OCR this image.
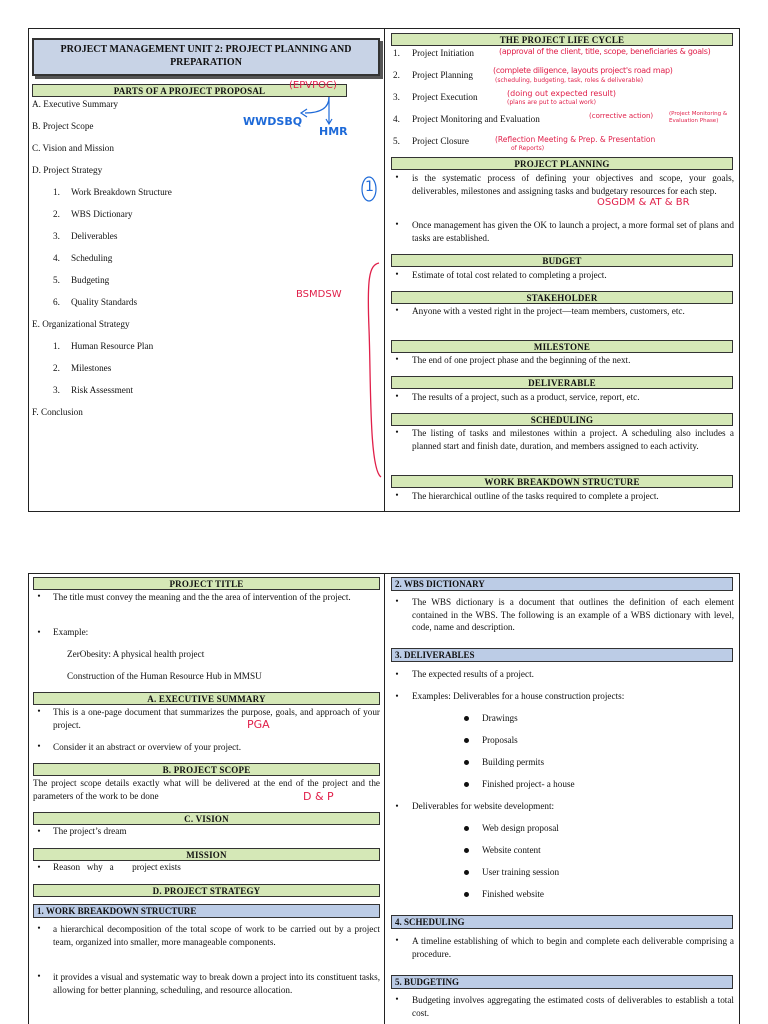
PROJECT MANAGEMENT UNIT 2: PROJECT PLANNING AND
PREPARATION
PARTS OF A PROJECT PROPOSAL	(EPVPOC)
A. Executive Summary
B. Project Scope
C. Vision and Mission
D. Project Strategy
1. Work Breakdown Structure
2. WBS Dictionary
3. Deliverables
4. Scheduling
5. Budgeting
6. Quality Standards
E. Organizational Strategy
1. Human Resource Plan
2. Milestones
3. Risk Assessment
F. Conclusion
WWDSBQ
HMR
1
BSMDSW
THE PROJECT LIFE CYCLE
1. Project Initiation
2. Project Planning
3. Project Execution
4. Project Monitoring and Evaluation
5. Project Closure
(approval of the client, title, scope, beneficiaries & goals)
(complete diligence, layouts project's road map)
(scheduling, budgeting, task, roles & deliverable)
(doing out expected result)
(plans are put to actual work)
(corrective action)	(Project Monitoring & Evaluation Phase)
(Reflection Meeting & Prep. & Presentation
of Reports)
PROJECT PLANNING
• is the systematic process of defining your objectives and scope, your goals, deliverables, milestones and assigning tasks and budgetary resources for each step.
OSGDM & AT & BR
• Once management has given the OK to launch a project, a more formal set of plans and tasks are established.
BUDGET
• Estimate of total cost related to completing a project.
STAKEHOLDER
• Anyone with a vested right in the project—team members, customers, etc.
MILESTONE
• The end of one project phase and the beginning of the next.
DELIVERABLE
• The results of a project, such as a product, service, report, etc.
SCHEDULING
• The listing of tasks and milestones within a project. A scheduling also includes a planned start and finish date, duration, and members assigned to each activity.
WORK BREAKDOWN STRUCTURE
• The hierarchical outline of the tasks required to complete a project.
PROJECT TITLE
• The title must convey the meaning and the the area of intervention of the project.
• Example:
ZerObesity: A physical health project
Construction of the Human Resource Hub in MMSU
A. EXECUTIVE SUMMARY
• This is a one-page document that summarizes the purpose, goals, and approach of your project.	PGA
• Consider it an abstract or overview of your project.
B. PROJECT SCOPE
The project scope details exactly what will be delivered at the end of the project and the parameters of the work to be done	D & P
C. VISION
• The project’s dream
MISSION
• Reason   why   a        project exists
D. PROJECT STRATEGY
1. WORK BREAKDOWN STRUCTURE
• a hierarchical decomposition of the total scope of work to be carried out by a project team, organized into smaller, more manageable components.
• it provides a visual and systematic way to break down a project into its constituent tasks, allowing for better planning, scheduling, and resource allocation.
2. WBS DICTIONARY
• The WBS dictionary is a document that outlines the definition of each element contained in the WBS. The following is an example of a WBS dictionary with level, code, name and description.
3. DELIVERABLES
• The expected results of a project.
• Examples: Deliverables for a house construction projects:
Drawings
Proposals
Building permits
Finished project- a house
• Deliverables for website development:
Web design proposal
Website content
User training session
Finished website
4. SCHEDULING
• A timeline establishing of which to begin and complete each deliverable comprising a procedure.
5. BUDGETING
• Budgeting involves aggregating the estimated costs of deliverables to establish a total cost.
